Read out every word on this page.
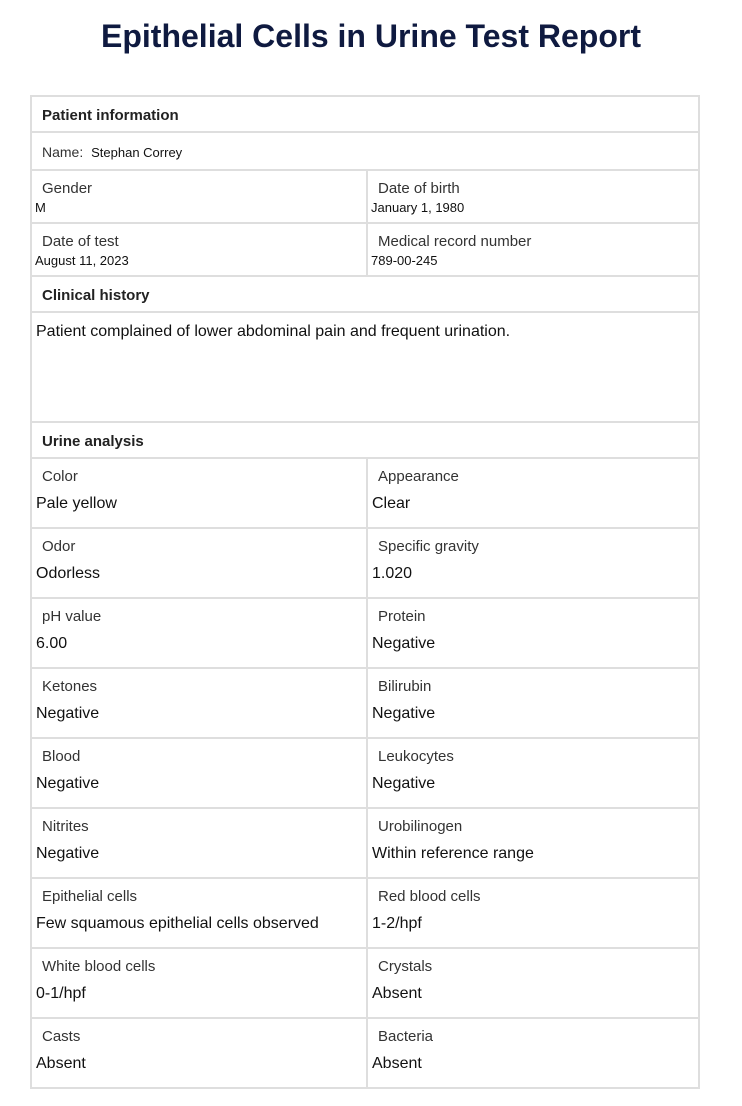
Epithelial Cells in Urine Test Report
Patient information
Name: Stephan Correy
Gender
M
Date of birth
January 1, 1980
Date of test
August 11, 2023
Medical record number
789-00-245
Clinical history
Patient complained of lower abdominal pain and frequent urination.
Urine analysis
Color
Pale yellow
Appearance
Clear
Odor
Odorless
Specific gravity
1.020
pH value
6.00
Protein
Negative
Ketones
Negative
Bilirubin
Negative
Blood
Negative
Leukocytes
Negative
Nitrites
Negative
Urobilinogen
Within reference range
Epithelial cells
Few squamous epithelial cells observed
Red blood cells
1-2/hpf
White blood cells
0-1/hpf
Crystals
Absent
Casts
Absent
Bacteria
Absent
